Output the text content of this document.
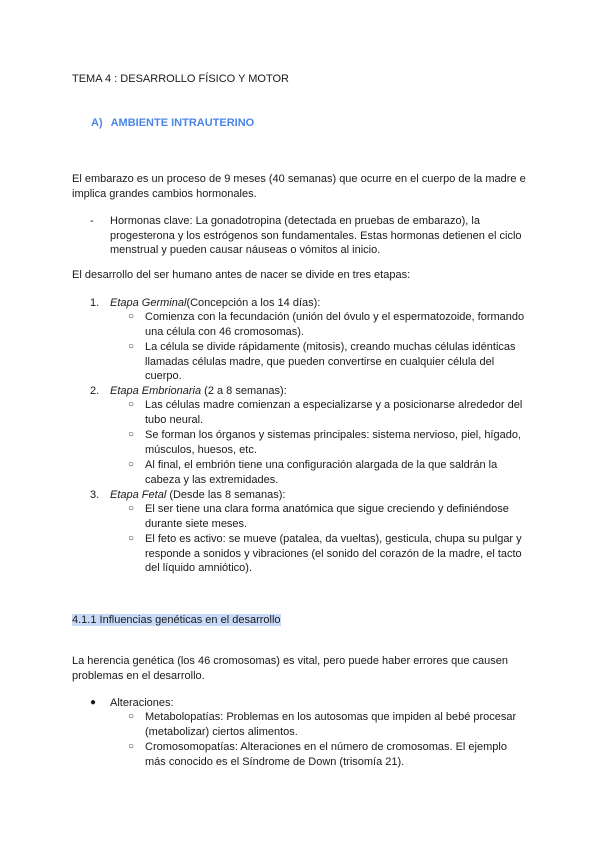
TEMA 4 : DESARROLLO FÍSICO Y MOTOR
A) AMBIENTE INTRAUTERINO
El embarazo es un proceso de 9 meses (40 semanas) que ocurre en el cuerpo de la madre e implica grandes cambios hormonales.
- Hormonas clave: La gonadotropina (detectada en pruebas de embarazo), la progesterona y los estrógenos son fundamentales. Estas hormonas detienen el ciclo menstrual y pueden causar náuseas o vómitos al inicio.
El desarrollo del ser humano antes de nacer se divide en tres etapas:
1. Etapa Germinal(Concepción a los 14 días):
○ Comienza con la fecundación (unión del óvulo y el espermatozoide, formando una célula con 46 cromosomas).
○ La célula se divide rápidamente (mitosis), creando muchas células idénticas llamadas células madre, que pueden convertirse en cualquier célula del cuerpo.
2. Etapa Embrionaria (2 a 8 semanas):
○ Las células madre comienzan a especializarse y a posicionarse alrededor del tubo neural.
○ Se forman los órganos y sistemas principales: sistema nervioso, piel, hígado, músculos, huesos, etc.
○ Al final, el embrión tiene una configuración alargada de la que saldrán la cabeza y las extremidades.
3. Etapa Fetal (Desde las 8 semanas):
○ El ser tiene una clara forma anatómica que sigue creciendo y definiéndose durante siete meses.
○ El feto es activo: se mueve (patalea, da vueltas), gesticula, chupa su pulgar y responde a sonidos y vibraciones (el sonido del corazón de la madre, el tacto del líquido amniótico).
4.1.1 Influencias genéticas en el desarrollo
La herencia genética (los 46 cromosomas) es vital, pero puede haber errores que causen problemas en el desarrollo.
● Alteraciones:
○ Metabolopatías: Problemas en los autosomas que impiden al bebé procesar (metabolizar) ciertos alimentos.
○ Cromosomopatías: Alteraciones en el número de cromosomas. El ejemplo más conocido es el Síndrome de Down (trisomía 21).
